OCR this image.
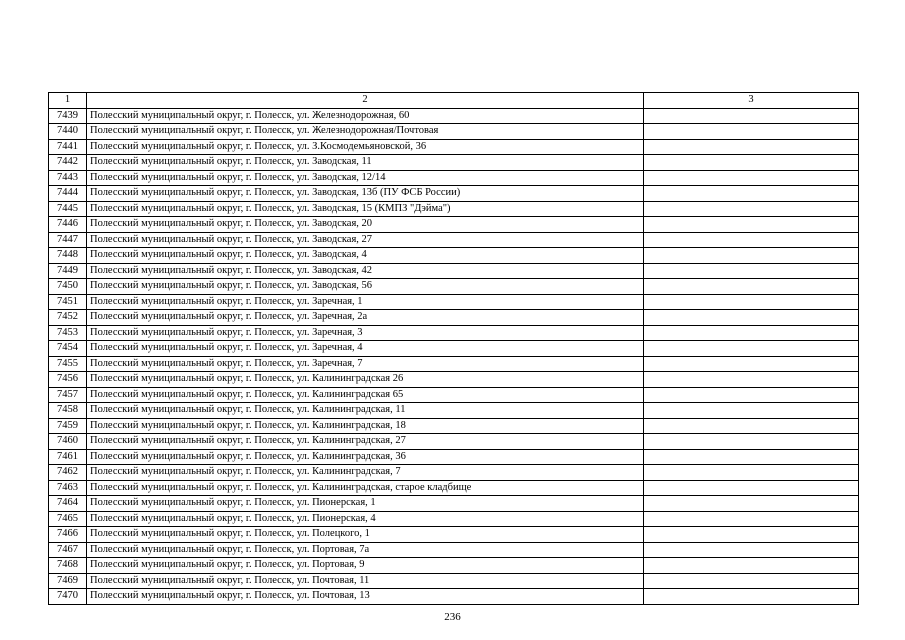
1	2	3
7439	Полесский муниципальный округ, г. Полесск, ул. Железнодорожная, 60	
7440	Полесский муниципальный округ, г. Полесск, ул. Железнодорожная/Почтовая	
7441	Полесский муниципальный округ, г. Полесск, ул. З.Космодемьяновской, 36	
7442	Полесский муниципальный округ, г. Полесск, ул. Заводская, 11	
7443	Полесский муниципальный округ, г. Полесск, ул. Заводская, 12/14	
7444	Полесский муниципальный округ, г. Полесск, ул. Заводская, 13б (ПУ ФСБ России)	
7445	Полесский муниципальный округ, г. Полесск, ул. Заводская, 15 (КМПЗ "Дэйма")	
7446	Полесский муниципальный округ, г. Полесск, ул. Заводская, 20	
7447	Полесский муниципальный округ, г. Полесск, ул. Заводская, 27	
7448	Полесский муниципальный округ, г. Полесск, ул. Заводская, 4	
7449	Полесский муниципальный округ, г. Полесск, ул. Заводская, 42	
7450	Полесский муниципальный округ, г. Полесск, ул. Заводская, 56	
7451	Полесский муниципальный округ, г. Полесск, ул. Заречная, 1	
7452	Полесский муниципальный округ, г. Полесск, ул. Заречная, 2а	
7453	Полесский муниципальный округ, г. Полесск, ул. Заречная, 3	
7454	Полесский муниципальный округ, г. Полесск, ул. Заречная, 4	
7455	Полесский муниципальный округ, г. Полесск, ул. Заречная, 7	
7456	Полесский муниципальный округ, г. Полесск, ул. Калининградская 26	
7457	Полесский муниципальный округ, г. Полесск, ул. Калининградская 65	
7458	Полесский муниципальный округ, г. Полесск, ул. Калининградская, 11	
7459	Полесский муниципальный округ, г. Полесск, ул. Калининградская, 18	
7460	Полесский муниципальный округ, г. Полесск, ул. Калининградская, 27	
7461	Полесский муниципальный округ, г. Полесск, ул. Калининградская, 36	
7462	Полесский муниципальный округ, г. Полесск, ул. Калининградская, 7	
7463	Полесский муниципальный округ, г. Полесск, ул. Калининградская, старое кладбище	
7464	Полесский муниципальный округ, г. Полесск, ул. Пионерская, 1	
7465	Полесский муниципальный округ, г. Полесск, ул. Пионерская, 4	
7466	Полесский муниципальный округ, г. Полесск, ул. Полецкого, 1	
7467	Полесский муниципальный округ, г. Полесск, ул. Портовая, 7а	
7468	Полесский муниципальный округ, г. Полесск, ул. Портовая, 9	
7469	Полесский муниципальный округ, г. Полесск, ул. Почтовая, 11	
7470	Полесский муниципальный округ, г. Полесск, ул. Почтовая, 13	
236
